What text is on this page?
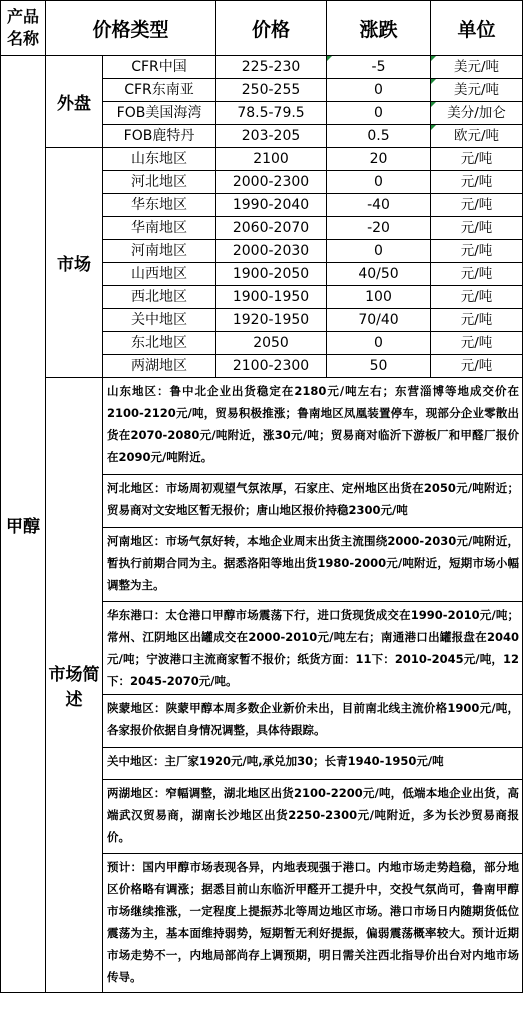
产品名称	价格类型		价格	涨跌	单位
甲醇	外盘	CFR中国	225-230	-5	美元/吨

		CFR东南亚	250-255	0	美元/吨

		FOB美国海湾	78.5-79.5	0	美分/加仑

		FOB鹿特丹	203-205	0.5	欧元/吨

	市场	山东地区	2100	20	元/吨
		河北地区	2000-2300	0	元/吨
		华东地区	1990-2040	-40	元/吨
		华南地区	2060-2070	-20	元/吨
		河南地区	2000-2030	0	元/吨
		山西地区	1900-2050	40/50	元/吨
		西北地区	1900-1950	100	元/吨
		关中地区	1920-1950	70/40	元/吨
		东北地区	2050	0	元/吨
		两湖地区	2100-2300	50	元/吨
	市场简述	山东地区：鲁中北企业出货稳定在2180元/吨左右；东营淄博等地成交价在2100-2120元/吨，贸易积极推涨；鲁南地区凤凰装置停车，现部分企业零散出货在2070-2080元/吨附近，涨30元/吨；贸易商对临沂下游板厂和甲醛厂报价在2090元/吨附近。			
		河北地区：市场周初观望气氛浓厚，石家庄、定州地区出货在2050元/吨附近；贸易商对文安地区暂无报价；唐山地区报价持稳2300元/吨			
		河南地区：市场气氛好转，本地企业周末出货主流围绕2000-2030元/吨附近，暂执行前期合同为主。据悉洛阳等地出货1980-2000元/吨附近，短期市场小幅调整为主。			
		华东港口：太仓港口甲醇市场震荡下行，进口货现货成交在1990-2010元/吨；常州、江阴地区出罐成交在2000-2010元/吨左右；南通港口出罐报盘在2040元/吨；宁波港口主流商家暂不报价；纸货方面：11下：2010-2045元/吨，12下：2045-2070元/吨。			
		陕蒙地区：陕蒙甲醇本周多数企业新价未出，目前南北线主流价格1900元/吨，各家报价依据自身情况调整，具体待跟踪。			
		关中地区：主厂家1920元/吨,承兑加30；长青1940-1950元/吨			
		两湖地区：窄幅调整，湖北地区出货2100-2200元/吨，低端本地企业出货，高端武汉贸易商，湖南长沙地区出货2250-2300元/吨附近，多为长沙贸易商报价。			
		预计：国内甲醇市场表现各异，内地表现强于港口。内地市场走势趋稳，部分地区价格略有调涨；据悉目前山东临沂甲醛开工提升中，交投气氛尚可，鲁南甲醇市场继续推涨，一定程度上提振苏北等周边地区市场。港口市场日内随期货低位震荡为主，基本面维持弱势，短期暂无利好提振，偏弱震荡概率较大。预计近期市场走势不一，内地局部尚存上调预期，明日需关注西北指导价出台对内地市场传导。			
